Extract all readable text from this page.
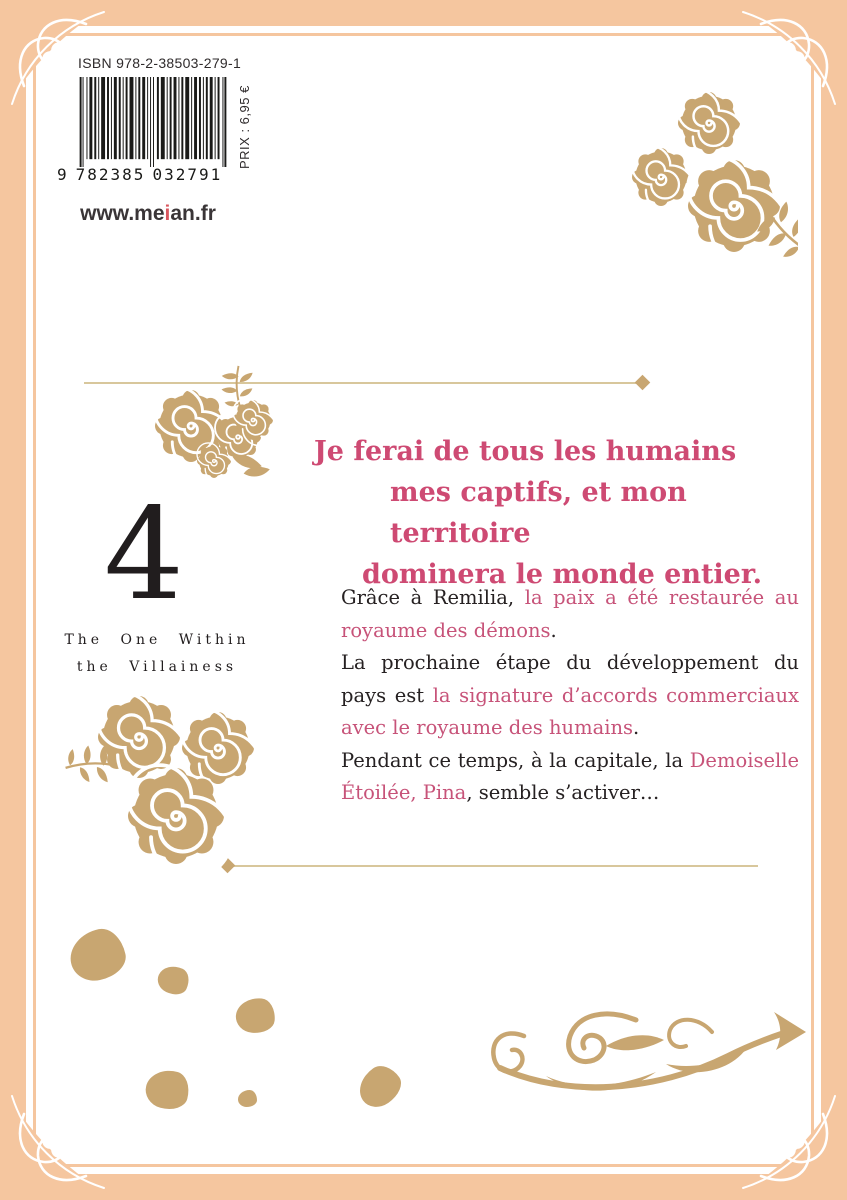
ISBN 978-2-38503-279-1
9 782385 032791
PRIX : 6,95 €
www.meian.fr
Je ferai de tous les humains
mes captifs, et mon territoire
dominera le monde entier.
4
The One Within
the Villainess

Grâce à Remilia, la paix a été restaurée au royaume des démons.

La prochaine étape du développement du pays est la signature d’accords commerciaux avec le royaume des humains.

Pendant ce temps, à la capitale, la Demoiselle Étoilée, Pina, semble s’activer…
